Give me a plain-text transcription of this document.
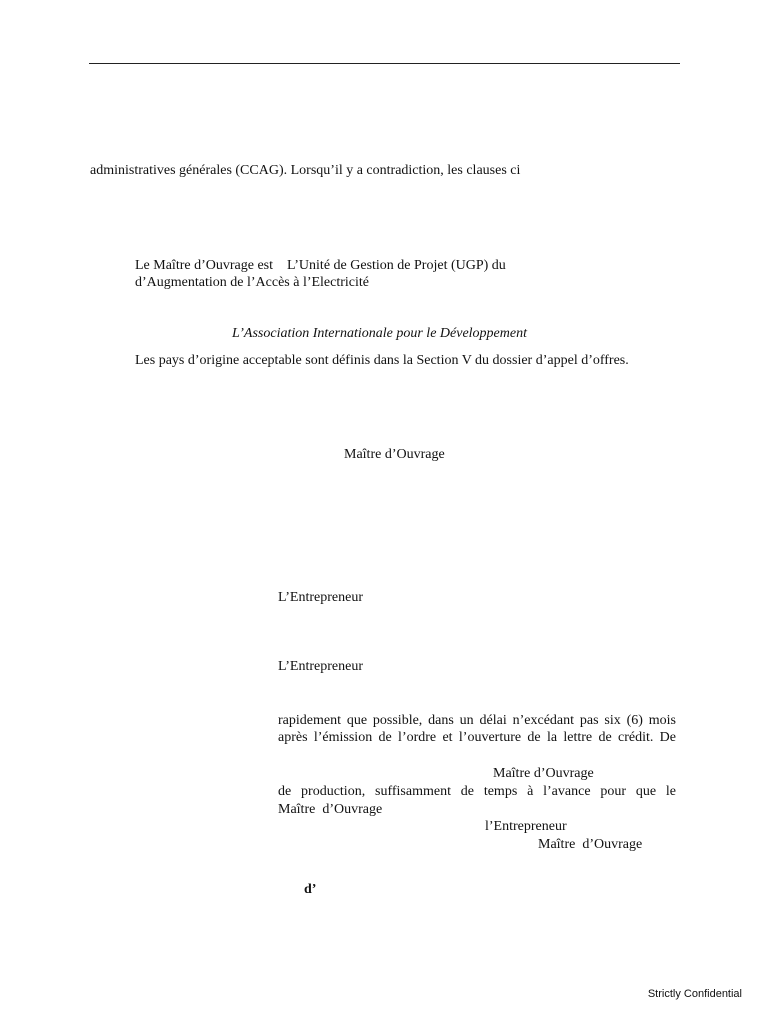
administratives générales (CCAG). Lorsqu’il y a contradiction, les clauses ci
Le Maître d’Ouvrage est L’Unité de Gestion de Projet (UGP) du
d’Augmentation de l’Accès à l’Electricité
L’Association Internationale pour le Développement
Les pays d’origine acceptable sont définis dans la Section V du dossier d’appel d’offres.
Maître d’Ouvrage
L’Entrepreneur
L’Entrepreneur
rapidement que possible, dans un délai n’excédant pas six (6) mois
après l’émission de l’ordre et l’ouverture de la lettre de crédit. De
Maître d’Ouvrage
de production, suffisamment de temps à l’avance pour que le
Maître  d’Ouvrage
l’Entrepreneur
Maître  d’Ouvrage
d’
Strictly Confidential
